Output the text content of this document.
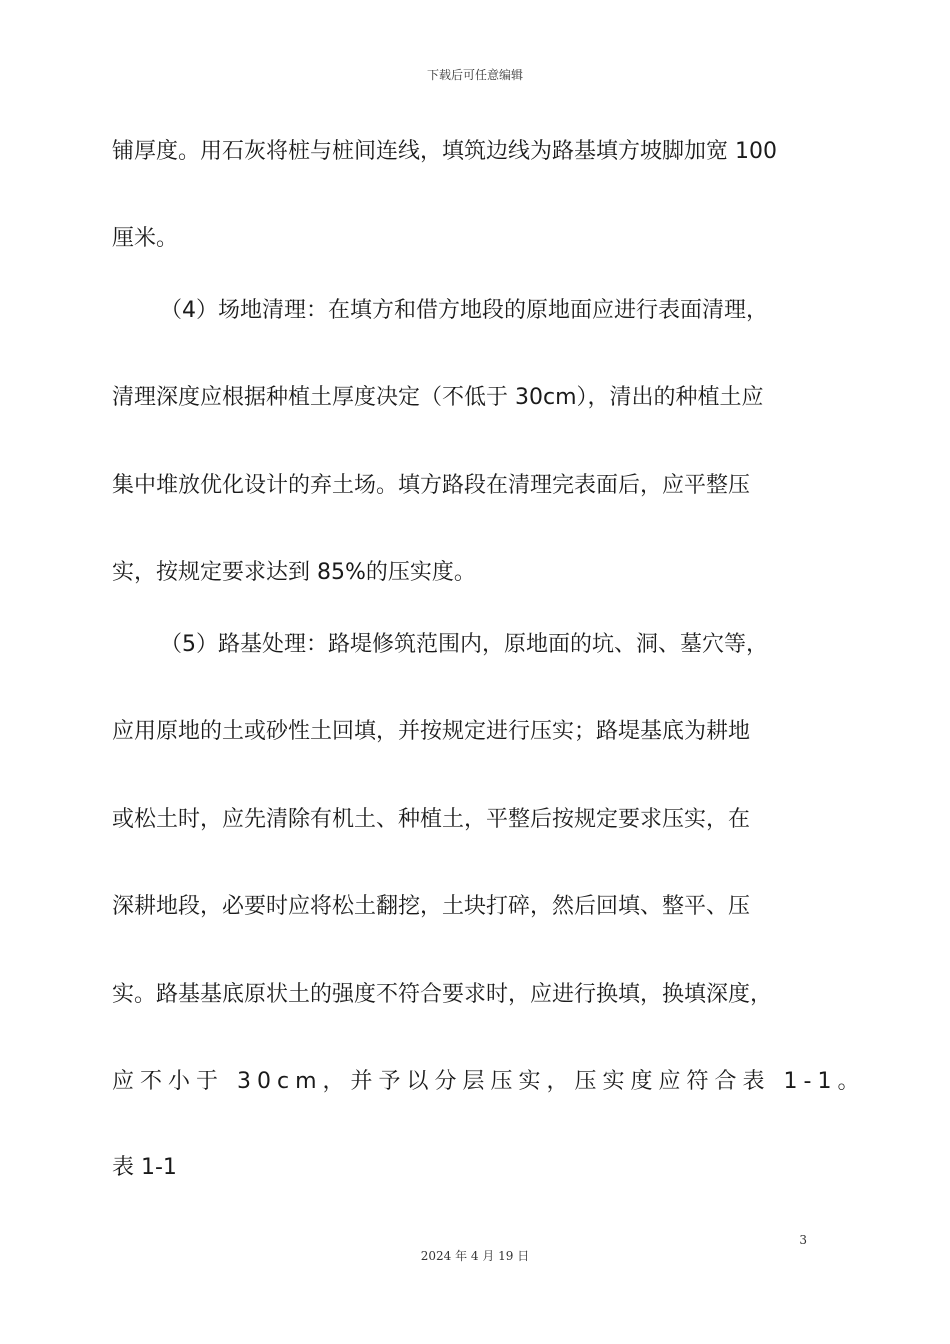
下载后可任意编辑
铺厚度。用石灰将桩与桩间连线，填筑边线为路基填方坡脚加宽 100
厘米。
（4）场地清理：在填方和借方地段的原地面应进行表面清理，
清理深度应根据种植土厚度决定（不低于 30cm），清出的种植土应
集中堆放优化设计的弃土场。填方路段在清理完表面后，应平整压
实，按规定要求达到 85%的压实度。
（5）路基处理：路堤修筑范围内，原地面的坑、洞、墓穴等，
应用原地的土或砂性土回填，并按规定进行压实；路堤基底为耕地
或松土时，应先清除有机土、种植土，平整后按规定要求压实，在
深耕地段，必要时应将松土翻挖，土块打碎，然后回填、整平、压
实。路基基底原状土的强度不符合要求时，应进行换填，换填深度，
应不小于 30cm，并予以分层压实，压实度应符合表 1-1。
表 1-1
3
2024 年 4 月 19 日
